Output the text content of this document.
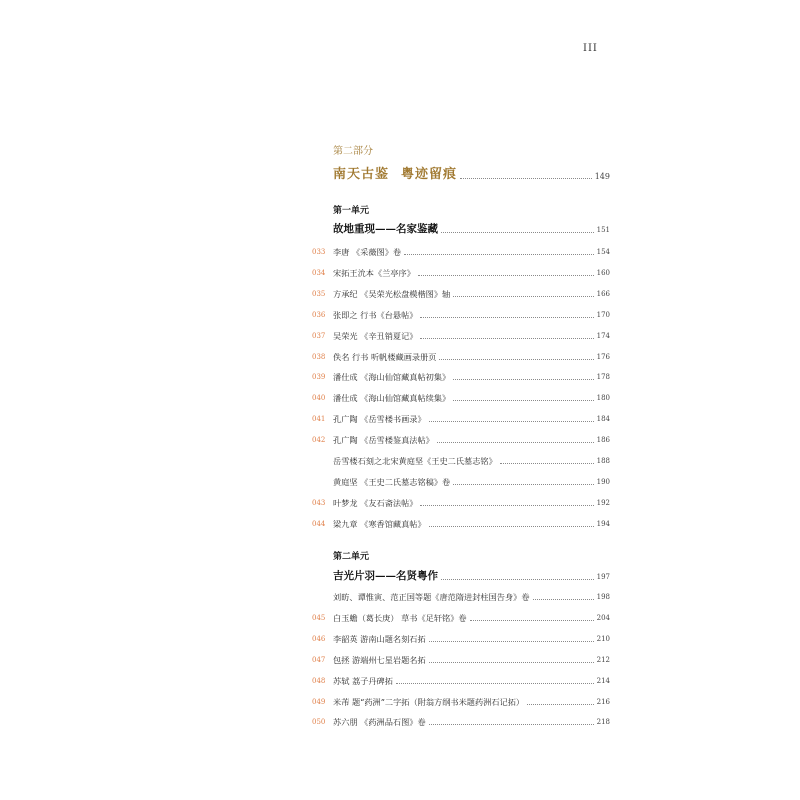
III
第二部分
南天古鉴 粤迹留痕	149
第一单元
故地重现——名家鉴藏	151
033 李唐 《采薇图》卷	154
034 宋拓王沇本《兰亭序》	160
035 方承纪 《吴荣光松盘模楷图》轴	166
036 张即之 行书《台悬帖》	170
037 吴荣光 《辛丑销夏记》	174
038 佚名 行书 听帆楼藏画录册页	176
039 潘仕成 《海山仙馆藏真帖初集》	178
040 潘仕成 《海山仙馆藏真帖续集》	180
041 孔广陶 《岳雪楼书画录》	184
042 孔广陶 《岳雪楼鉴真法帖》	186
岳雪楼石刻之北宋黄庭坚《王史二氏墓志铭》	188
黄庭坚 《王史二氏墓志铭稿》卷	190
043 叶梦龙 《友石斋法帖》	192
044 梁九章 《寒香馆藏真帖》	194
第二单元
吉光片羽——名贤粤作	197
刘昉、谭惟寅、范正国等题《唐范隋进封柱国告身》卷	198
045 白玉蟾（葛长庚） 草书《足轩铭》卷	204
046 李韶英 游南山题名刻石拓	210
047 包拯 游端州七星岩题名拓	212
048 苏轼 荔子丹碑拓	214
049 米芾 题“药洲”二字拓（附翁方纲书米题药洲石记拓）	216
050 苏六朋 《药洲品石图》卷	218
